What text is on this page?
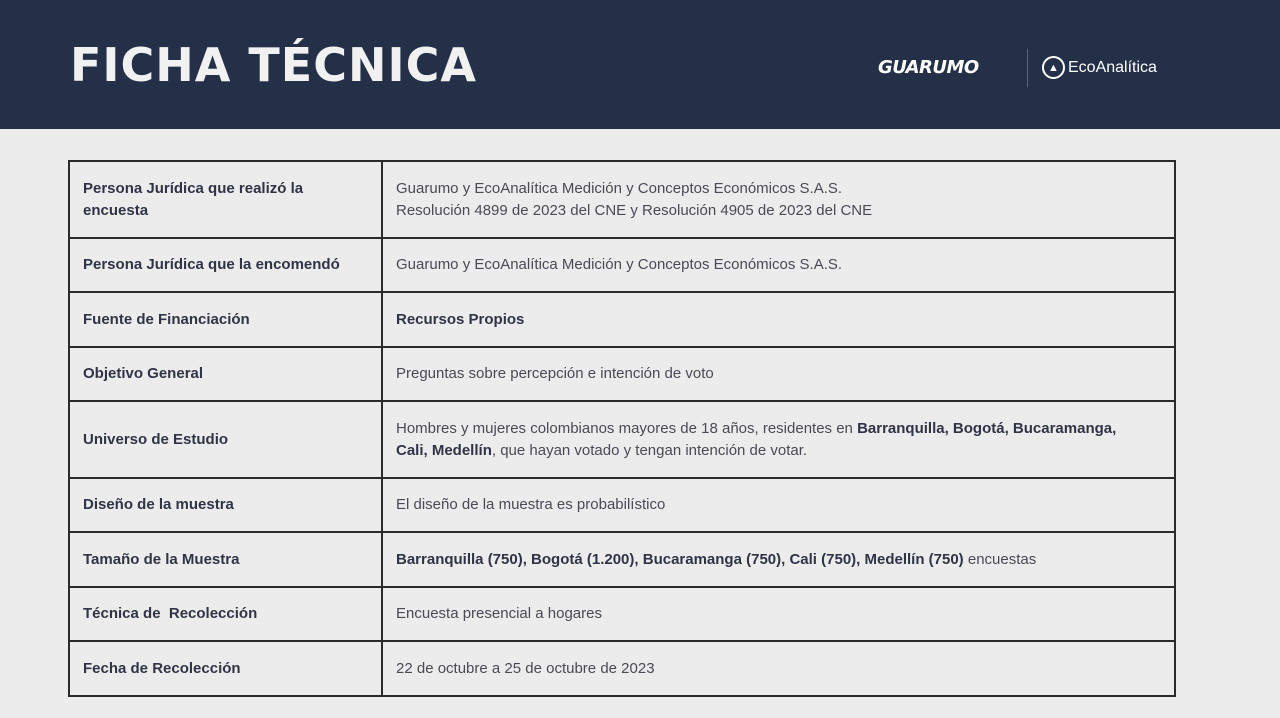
FICHA TÉCNICA	GUARUMO	▲ EcoAnalítica
Persona Jurídica que realizó la encuesta	Guarumo y EcoAnalítica Medición y Conceptos Económicos S.A.S.
Resolución 4899 de 2023 del CNE y Resolución 4905 de 2023 del CNE

Persona Jurídica que la encomendó	Guarumo y EcoAnalítica Medición y Conceptos Económicos S.A.S.
Fuente de Financiación	Recursos Propios
Objetivo General	Preguntas sobre percepción e intención de voto
Universo de Estudio	Hombres y mujeres colombianos mayores de 18 años, residentes en Barranquilla, Bogotá, Bucaramanga, Cali, Medellín, que hayan votado y tengan intención de votar.
Diseño de la muestra	El diseño de la muestra es probabilístico
Tamaño de la Muestra	Barranquilla (750), Bogotá (1.200), Bucaramanga (750), Cali (750), Medellín (750) encuestas
Técnica de  Recolección	Encuesta presencial a hogares
Fecha de Recolección	22 de octubre a 25 de octubre de 2023
